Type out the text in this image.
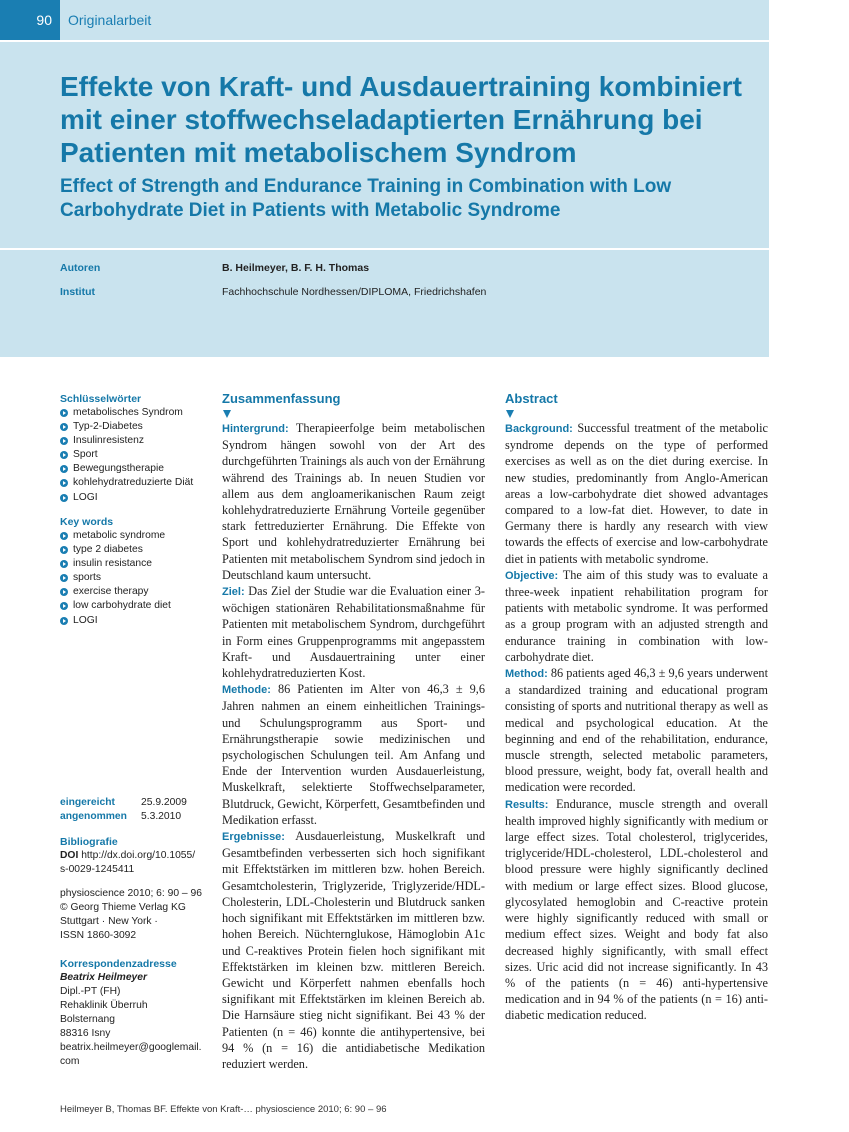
90	Originalarbeit
Effekte von Kraft- und Ausdauertraining kombiniert mit einer stoffwechseladaptierten Ernährung bei Patienten mit metabolischem Syndrom
Effect of Strength and Endurance Training in Combination with Low Carbohydrate Diet in Patients with Metabolic Syndrome
Autoren	B. Heilmeyer, B. F. H. Thomas
Institut	Fachhochschule Nordhessen/DIPLOMA, Friedrichshafen
Schlüsselwörter
metabolisches Syndrom
Typ-2-Diabetes
Insulinresistenz
Sport
Bewegungstherapie
kohlehydratreduzierte Diät
LOGI
Key words
metabolic syndrome
type 2 diabetes
insulin resistance
sports
exercise therapy
low carbohydrate diet
LOGI
eingereicht	25.9.2009
angenommen 5.3.2010
Bibliografie
DOI http://dx.doi.org/10.1055/
s-0029-1245411
physioscience 2010; 6: 90 – 96
© Georg Thieme Verlag KG
Stuttgart · New York ·
ISSN 1860-3092
Korrespondenzadresse
Beatrix Heilmeyer
Dipl.-PT (FH)
Rehaklinik Überruh
Bolsternang
88316 Isny
beatrix.heilmeyer@googlemail.
com
Zusammenfassung

Hintergrund: Therapieerfolge beim metabolischen Syndrom hängen sowohl von der Art des durchgeführten Trainings als auch von der Ernährung während des Trainings ab. In neuen Studien vor allem aus dem angloamerikanischen Raum zeigt kohlehydratreduzierte Ernährung Vorteile gegenüber stark fettreduzierter Ernährung. Die Effekte von Sport und kohlehydratreduzierter Ernährung bei Patienten mit metabolischem Syndrom sind jedoch in Deutschland kaum untersucht.

Ziel: Das Ziel der Studie war die Evaluation einer 3-wöchigen stationären Rehabilitationsmaßnahme für Patienten mit metabolischem Syndrom, durchgeführt in Form eines Gruppenprogramms mit angepasstem Kraft- und Ausdauertraining unter einer kohlehydratreduzierten Kost.

Methode: 86 Patienten im Alter von 46,3 ± 9,6 Jahren nahmen an einem einheitlichen Trainings- und Schulungsprogramm aus Sport- und Ernährungstherapie sowie medizinischen und psychologischen Schulungen teil. Am Anfang und Ende der Intervention wurden Ausdauerleistung, Muskelkraft, selektierte Stoffwechselparameter, Blutdruck, Gewicht, Körperfett, Gesamtbefinden und Medikation erfasst.

Ergebnisse: Ausdauerleistung, Muskelkraft und Gesamtbefinden verbesserten sich hoch signifikant mit Effektstärken im mittleren bzw. hohen Bereich. Gesamtcholesterin, Triglyzeride, Triglyzeride/HDL-Cholesterin, LDL-Cholesterin und Blutdruck sanken hoch signifikant mit Effektstärken im mittleren bzw. hohen Bereich. Nüchternglukose, Hämoglobin A1c und C-reaktives Protein fielen hoch signifikant mit Effektstärken im kleinen bzw. mittleren Bereich. Gewicht und Körperfett nahmen ebenfalls hoch signifikant mit Effektstärken im kleinen Bereich ab. Die Harnsäure stieg nicht signifikant. Bei 43 % der Patienten (n = 46) konnte die antihypertensive, bei 94 % (n = 16) die antidiabetische Medikation reduziert werden.

Abstract

Background: Successful treatment of the metabolic syndrome depends on the type of performed exercises as well as on the diet during exercise. In new studies, predominantly from Anglo-American areas a low-carbohydrate diet showed advantages compared to a low-fat diet. However, to date in Germany there is hardly any research with view towards the effects of exercise and low-carbohydrate diet in patients with metabolic syndrome.

Objective: The aim of this study was to evaluate a three-week inpatient rehabilitation program for patients with metabolic syndrome. It was performed as a group program with an adjusted strength and endurance training in combination with low-carbohydrate diet.

Method: 86 patients aged 46,3 ± 9,6 years underwent a standardized training and educational program consisting of sports and nutritional therapy as well as medical and psychological education. At the beginning and end of the rehabilitation, endurance, muscle strength, selected metabolic parameters, blood pressure, weight, body fat, overall health and medication were recorded.

Results: Endurance, muscle strength and overall health improved highly significantly with medium or large effect sizes. Total cholesterol, triglycerides, triglyceride/HDL-cholesterol, LDL-cholesterol and blood pressure were highly significantly declined with medium or large effect sizes. Blood glucose, glycosylated hemoglobin and C-reactive protein were highly significantly reduced with small or medium effect sizes. Weight and body fat also decreased highly significantly, with small effect sizes. Uric acid did not increase significantly. In 43 % of the patients (n = 46) anti-hypertensive medication and in 94 % of the patients (n = 16) anti-diabetic medication reduced.

Heilmeyer B, Thomas BF. Effekte von Kraft-… physioscience 2010; 6: 90 – 96
